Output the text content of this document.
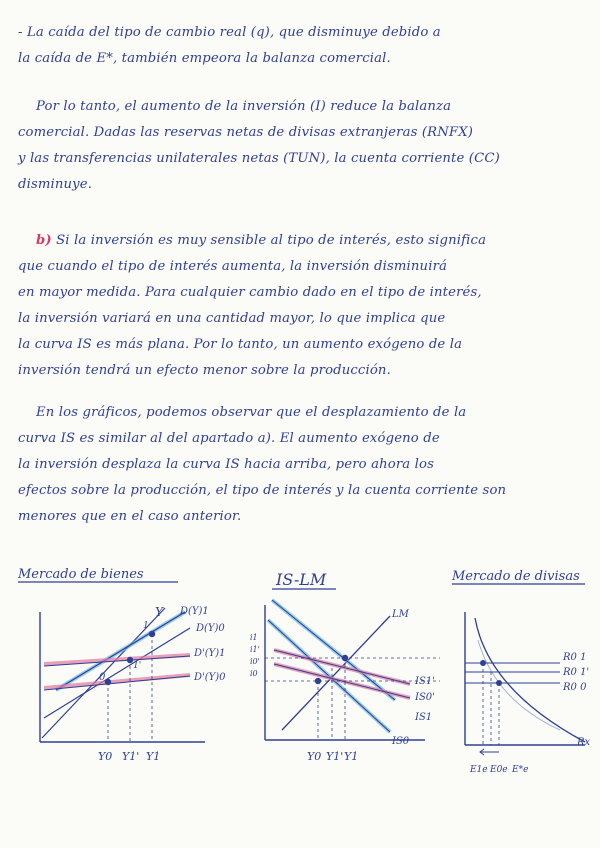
- La caída del tipo de cambio real (q), que disminuye debido a
la caída de E*, también empeora la balanza comercial.
Por lo tanto, el aumento de la inversión (I) reduce la balanza
comercial. Dadas las reservas netas de divisas extranjeras (RNFX)
y las transferencias unilaterales netas (TUN), la cuenta corriente (CC)
disminuye.
b) Si la inversión es muy sensible al tipo de interés, esto significa
que cuando el tipo de interés aumenta, la inversión disminuirá
en mayor medida. Para cualquier cambio dado en el tipo de interés,
la inversión variará en una cantidad mayor, lo que implica que
la curva IS es más plana. Por lo tanto, un aumento exógeno de la
inversión tendrá un efecto menor sobre la producción.
En los gráficos, podemos observar que el desplazamiento de la
curva IS es similar al del apartado a). El aumento exógeno de
la inversión desplaza la curva IS hacia arriba, pero ahora los
efectos sobre la producción, el tipo de interés y la cuenta corriente son
menores que en el caso anterior.
Mercado de bienes	IS-LM	Mercado de divisas
0
1'
1
Y D(Y)1
D(Y)0
D'(Y)1
D'(Y)0
Y0 Y1' Y1
i1
i1'
i0'
i0
LM
IS1'
IS0'
IS1
IS0
Y0 Y1' Y1
R0 1
R0 1'
R0 0
Rx
E1e E0e E*e
